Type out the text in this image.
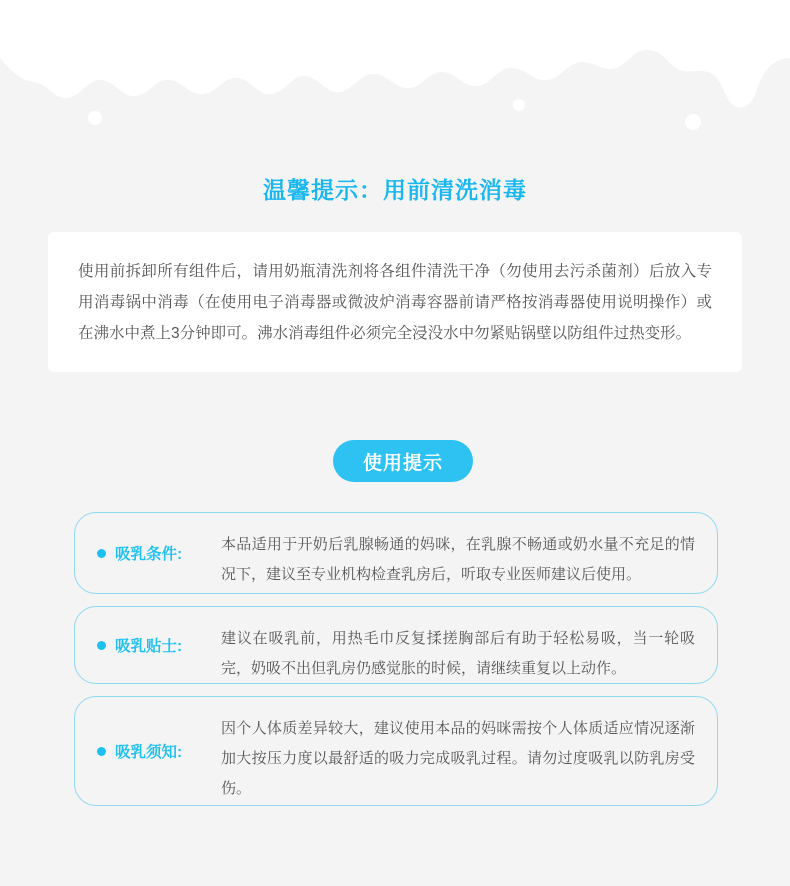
温馨提示：用前清洗消毒
使用前拆卸所有组件后，请用奶瓶清洗剂将各组件清洗干净（勿使用去污杀菌剂）后放入专用消毒锅中消毒（在使用电子消毒器或微波炉消毒容器前请严格按消毒器使用说明操作）或在沸水中煮上3分钟即可。沸水消毒组件必须完全浸没水中勿紧贴锅壁以防组件过热变形。
使用提示
吸乳条件:
本品适用于开奶后乳腺畅通的妈咪，在乳腺不畅通或奶水量不充足的情况下，建议至专业机构检查乳房后，听取专业医师建议后使用。
吸乳贴士:	建议在吸乳前，用热毛巾反复揉搓胸部后有助于轻松易吸，当一轮吸完，奶吸不出但乳房仍感觉胀的时候，请继续重复以上动作。
吸乳须知:
因个人体质差异较大，建议使用本品的妈咪需按个人体质适应情况逐渐加大按压力度以最舒适的吸力完成吸乳过程。请勿过度吸乳以防乳房受伤。
